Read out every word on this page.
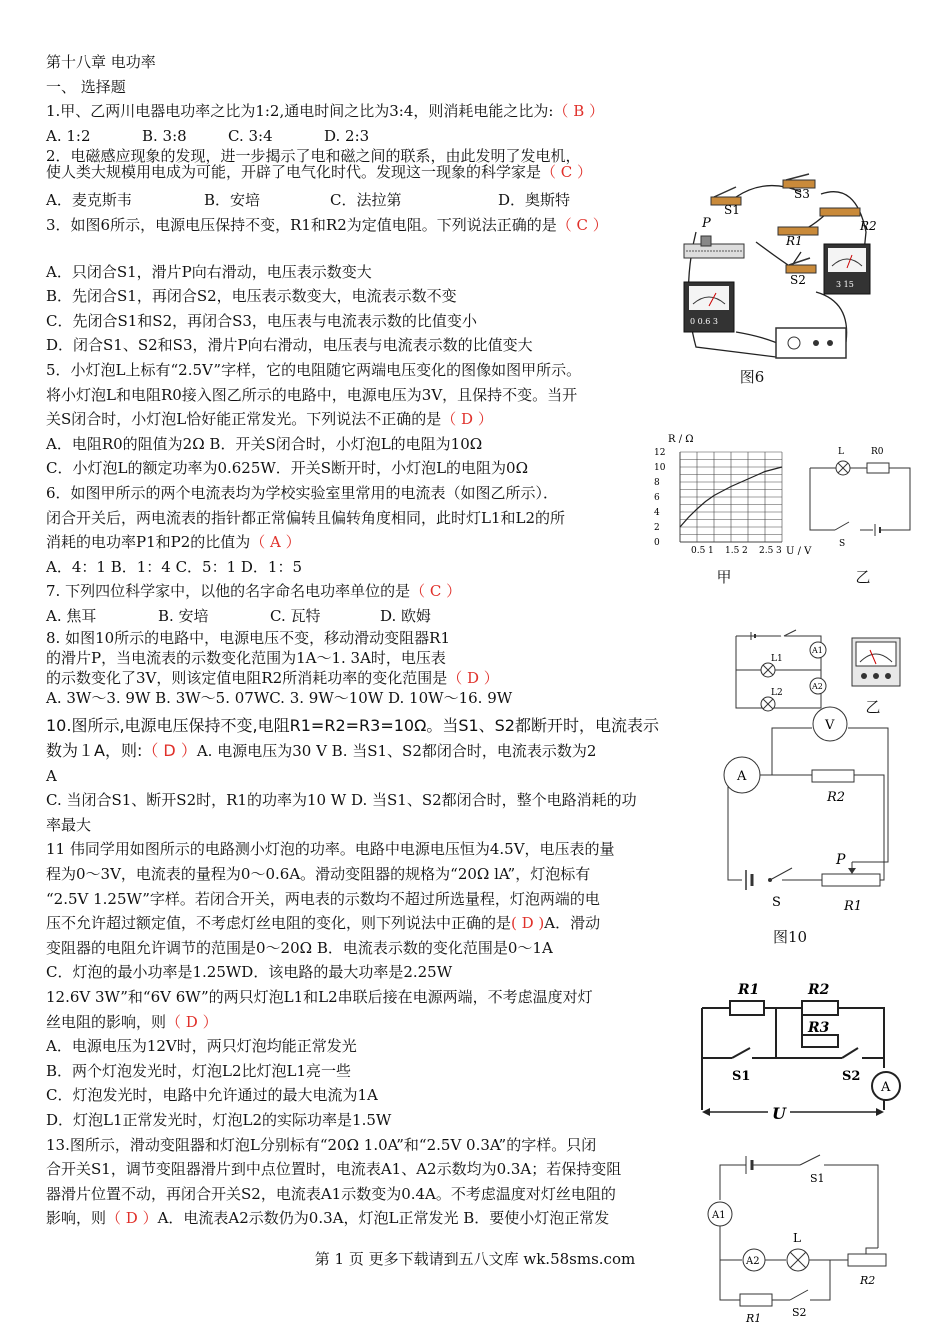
第十八章 电功率
一、 选择题
1.甲、乙两川电器电功率之比为1:2,通电时间之比为3:4，则消耗电能之比为:（ B ）
A. 1:2	B. 3:8	C. 3:4	D. 2:3
2．电磁感应现象的发现，进一步揭示了电和磁之间的联系，由此发明了发电机，
使人类大规模用电成为可能，开辟了电气化时代。发现这一现象的科学家是（ C ）
A．麦克斯韦	B．安培	C．法拉第	D．奥斯特
3．如图6所示，电源电压保持不变，R1和R2为定值电阻。下列说法正确的是（ C ）
A．只闭合S1，滑片P向右滑动，电压表示数变大
B．先闭合S1，再闭合S2，电压表示数变大，电流表示数不变
C．先闭合S1和S2，再闭合S3，电压表与电流表示数的比值变小
D．闭合S1、S2和S3，滑片P向右滑动，电压表与电流表示数的比值变大
5．小灯泡L上标有“2.5V”字样，它的电阻随它两端电压变化的图像如图甲所示。
将小灯泡L和电阻R0接入图乙所示的电路中，电源电压为3V，且保持不变。当开
关S闭合时，小灯泡L恰好能正常发光。下列说法不正确的是（ D ）
A．电阻R0的阻值为2Ω B．开关S闭合时，小灯泡L的电阻为10Ω
C．小灯泡L的额定功率为0.625W．开关S断开时，小灯泡L的电阻为0Ω
6．如图甲所示的两个电流表均为学校实验室里常用的电流表（如图乙所示）．
闭合开关后，两电流表的指针都正常偏转且偏转角度相同，此时灯L1和L2的所
消耗的电功率P1和P2的比值为（ A ）
A．4：1 B．1：4 C．5：1 D．1：5
7. 下列四位科学家中，以他的名字命名电功率单位的是（ C ）
A. 焦耳	B. 安培	C. 瓦特	D. 欧姆
8. 如图10所示的电路中，电源电压不变，移动滑动变阻器R1
的滑片P，当电流表的示数变化范围为1A～1. 3A时，电压表
的示数变化了3V，则该定值电阻R2所消耗功率的变化范围是（ D ）
A. 3W～3. 9W B. 3W～5. 07WC. 3. 9W～10W D. 10W～16. 9W
10.图所示,电源电压保持不变,电阻R1=R2=R3=10Ω。当S1、S2都断开时，电流表示
数为１A，则:（ D ）A. 电源电压为30 V B. 当S1、S2都闭合时，电流表示数为2
A
C. 当闭合S1、断开S2时，R1的功率为10 W D. 当S1、S2都闭合时，整个电路消耗的功
率最大
11 伟同学用如图所示的电路测小灯泡的功率。电路中电源电压恒为4.5V，电压表的量
程为0～3V，电流表的量程为0～0.6A。滑动变阻器的规格为“20Ω lA”，灯泡标有
“2.5V 1.25W”字样。若闭合开关，两电表的示数均不超过所选量程，灯泡两端的电
压不允许超过额定值，不考虑灯丝电阻的变化，则下列说法中正确的是( D )A．滑动
变阻器的电阻允许调节的范围是0～20Ω B．电流表示数的变化范围是0～1A
C．灯泡的最小功率是1.25WD．该电路的最大功率是2.25W
12.6V 3W”和“6V 6W”的两只灯泡L1和L2串联后接在电源两端，不考虑温度对灯
丝电阻的影响，则（ D ）
A．电源电压为12V时，两只灯泡均能正常发光
B．两个灯泡发光时，灯泡L2比灯泡L1亮一些
C．灯泡发光时，电路中允许通过的最大电流为1A
D．灯泡L1正常发光时，灯泡L2的实际功率是1.5W
13.图所示，滑动变阻器和灯泡L分别标有“20Ω 1.0A”和“2.5V 0.3A”的字样。只闭
合开关S1，调节变阻器滑片到中点位置时，电流表A1、A2示数均为0.3A；若保持变阻
器滑片位置不动，再闭合开关S2，电流表A1示数变为0.4A。不考虑温度对灯丝电阻的
影响，则（ D ）A．电流表A2示数仍为0.3A，灯泡L正常发光 B．要使小灯泡正常发
S1
S3
P
R1
R2
S2
0 0.6 3
3 15
图6
R / Ω
U / V
0
2
4
6
8
10
12
0.5 1 1.5 2 2.5 3
甲
L	R0
S
乙
L1
L2
A1
A2
乙
V
A
R2
P
S	R1
图10
R1	R2
R3
S1	S2
A
U
S1
A1
A2
L
R2
R1	S2
第 1 页 更多下载请到五八文库 wk.58sms.com
